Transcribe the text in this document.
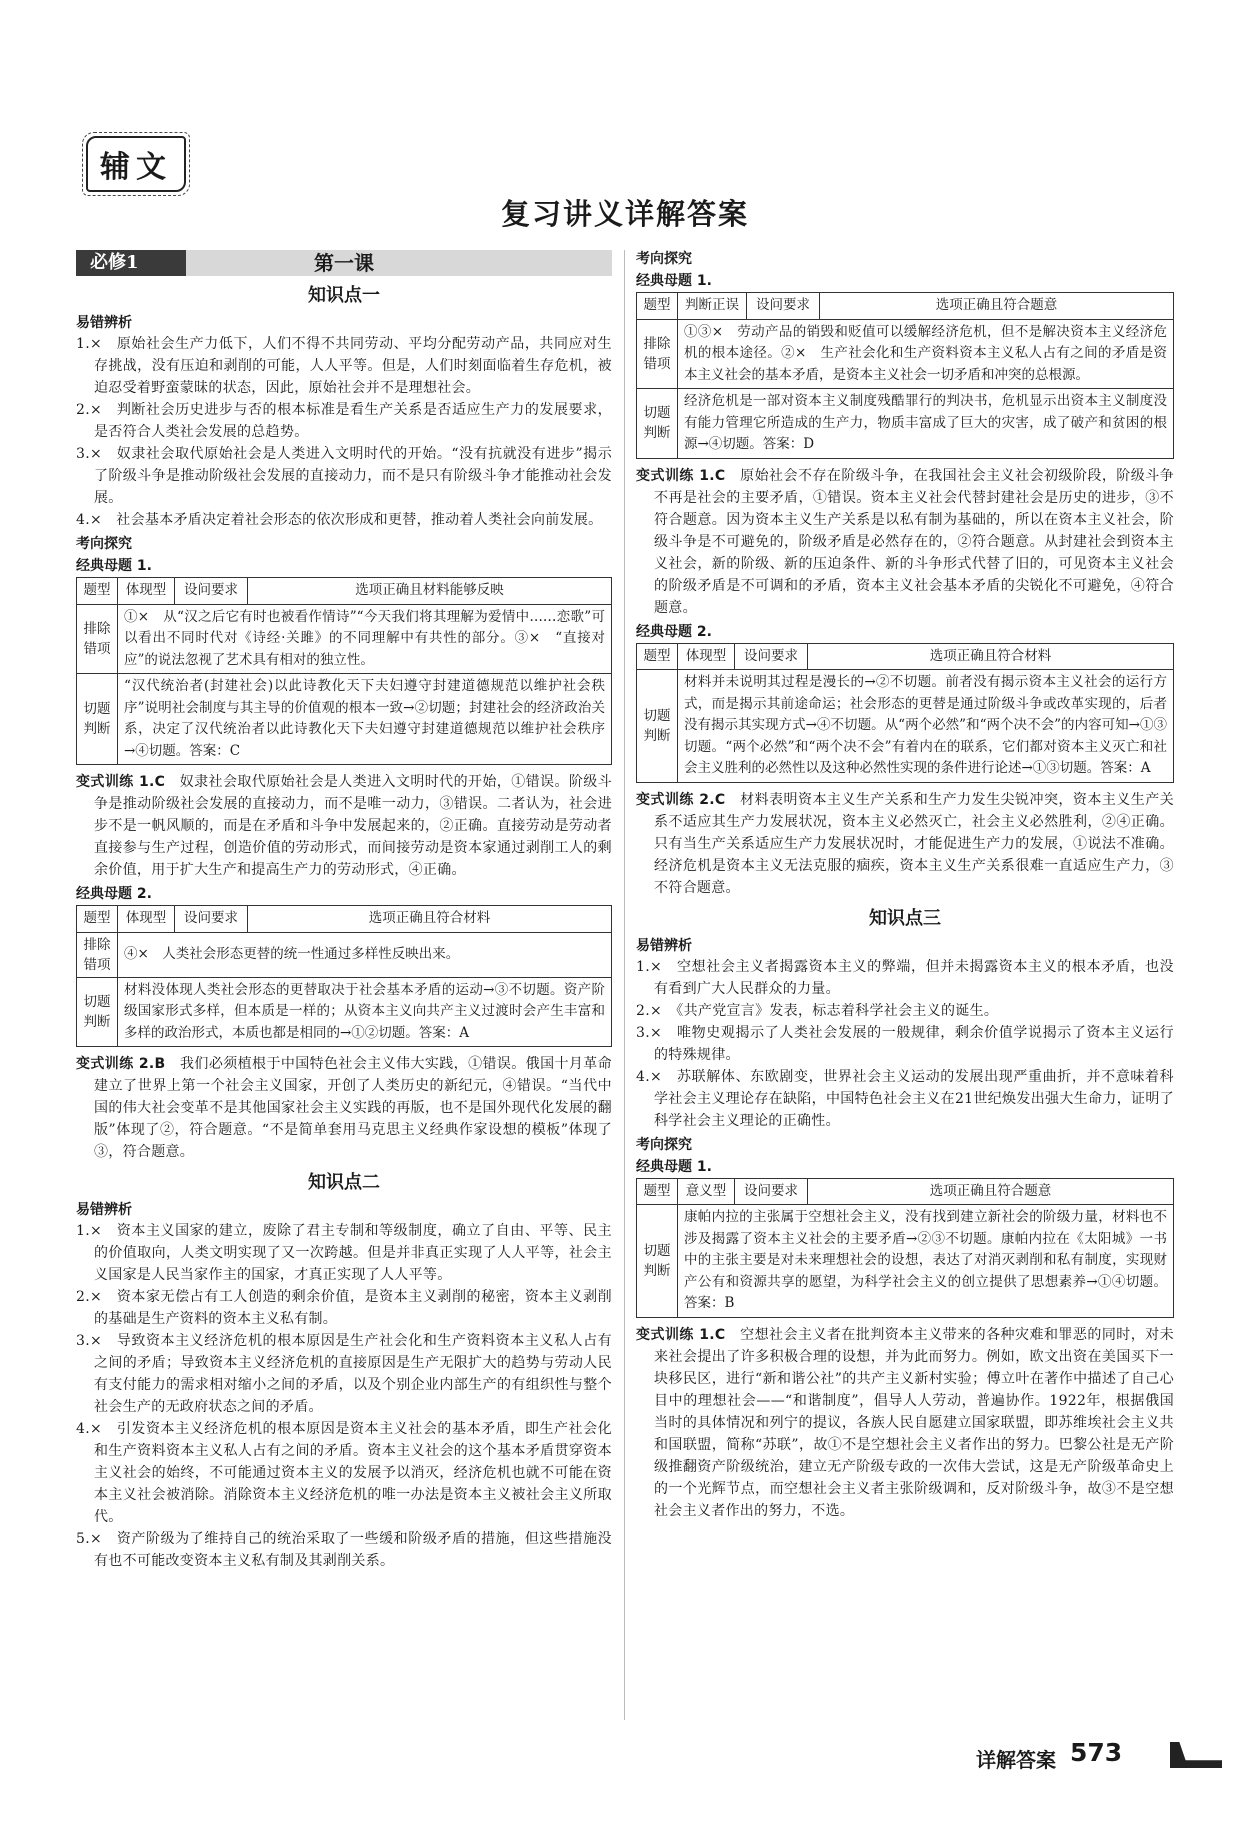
辅文
复习讲义详解答案
第一课
必修1
知识点一
易错辨析
1.×　原始社会生产力低下，人们不得不共同劳动、平均分配劳动产品，共同应对生存挑战，没有压迫和剥削的可能，人人平等。但是，人们时刻面临着生存危机，被迫忍受着野蛮蒙昧的状态，因此，原始社会并不是理想社会。
2.×　判断社会历史进步与否的根本标准是看生产关系是否适应生产力的发展要求，是否符合人类社会发展的总趋势。
3.×　奴隶社会取代原始社会是人类进入文明时代的开始。“没有抗就没有进步”揭示了阶级斗争是推动阶级社会发展的直接动力，而不是只有阶级斗争才能推动社会发展。
4.×　社会基本矛盾决定着社会形态的依次形成和更替，推动着人类社会向前发展。
考向探究
经典母题 1.
题型	体现型	设问要求	选项正确且材料能够反映
排除错项	①×　从“汉之后它有时也被看作情诗”“今天我们将其理解为爱情中……恋歌”可以看出不同时代对《诗经·关雎》的不同理解中有共性的部分。③×　“直接对应”的说法忽视了艺术具有相对的独立性。		
切题判断	“汉代统治者(封建社会)以此诗教化天下夫妇遵守封建道德规范以维护社会秩序”说明社会制度与其主导的价值观的根本一致→②切题；封建社会的经济政治关系，决定了汉代统治者以此诗教化天下夫妇遵守封建道德规范以维护社会秩序→④切题。答案：C		
变式训练 1.C　 奴隶社会取代原始社会是人类进入文明时代的开始，①错误。阶级斗争是推动阶级社会发展的直接动力，而不是唯一动力，③错误。二者认为，社会进步不是一帆风顺的，而是在矛盾和斗争中发展起来的，②正确。直接劳动是劳动者直接参与生产过程，创造价值的劳动形式，而间接劳动是资本家通过剥削工人的剩余价值，用于扩大生产和提高生产力的劳动形式，④正确。
经典母题 2.
题型	体现型	设问要求	选项正确且符合材料
排除错项	④×　人类社会形态更替的统一性通过多样性反映出来。		
切题判断	材料没体现人类社会形态的更替取决于社会基本矛盾的运动→③不切题。资产阶级国家形式多样，但本质是一样的；从资本主义向共产主义过渡时会产生丰富和多样的政治形式，本质也都是相同的→①②切题。答案：A		
变式训练 2.B　 我们必须植根于中国特色社会主义伟大实践，①错误。俄国十月革命建立了世界上第一个社会主义国家，开创了人类历史的新纪元，④错误。“当代中国的伟大社会变革不是其他国家社会主义实践的再版，也不是国外现代化发展的翻版”体现了②，符合题意。“不是简单套用马克思主义经典作家设想的模板”体现了③，符合题意。
知识点二
易错辨析
1.×　资本主义国家的建立，废除了君主专制和等级制度，确立了自由、平等、民主的价值取向，人类文明实现了又一次跨越。但是并非真正实现了人人平等，社会主义国家是人民当家作主的国家，才真正实现了人人平等。
2.×　资本家无偿占有工人创造的剩余价值，是资本主义剥削的秘密，资本主义剥削的基础是生产资料的资本主义私有制。
3.×　导致资本主义经济危机的根本原因是生产社会化和生产资料资本主义私人占有之间的矛盾；导致资本主义经济危机的直接原因是生产无限扩大的趋势与劳动人民有支付能力的需求相对缩小之间的矛盾，以及个别企业内部生产的有组织性与整个社会生产的无政府状态之间的矛盾。
4.×　引发资本主义经济危机的根本原因是资本主义社会的基本矛盾，即生产社会化和生产资料资本主义私人占有之间的矛盾。资本主义社会的这个基本矛盾贯穿资本主义社会的始终，不可能通过资本主义的发展予以消灭，经济危机也就不可能在资本主义社会被消除。消除资本主义经济危机的唯一办法是资本主义被社会主义所取代。
5.×　资产阶级为了维持自己的统治采取了一些缓和阶级矛盾的措施，但这些措施没有也不可能改变资本主义私有制及其剥削关系。
考向探究
经典母题 1.
题型	判断正误	设问要求	选项正确且符合题意
排除错项	①③×　劳动产品的销毁和贬值可以缓解经济危机，但不是解决资本主义经济危机的根本途径。②×　生产社会化和生产资料资本主义私人占有之间的矛盾是资本主义社会的基本矛盾，是资本主义社会一切矛盾和冲突的总根源。		
切题判断	经济危机是一部对资本主义制度残酷罪行的判决书，危机显示出资本主义制度没有能力管理它所造成的生产力，物质丰富成了巨大的灾害，成了破产和贫困的根源→④切题。答案：D		
变式训练 1.C　 原始社会不存在阶级斗争，在我国社会主义社会初级阶段，阶级斗争不再是社会的主要矛盾，①错误。资本主义社会代替封建社会是历史的进步，③不符合题意。因为资本主义生产关系是以私有制为基础的，所以在资本主义社会，阶级斗争是不可避免的，阶级矛盾是必然存在的，②符合题意。从封建社会到资本主义社会，新的阶级、新的压迫条件、新的斗争形式代替了旧的，可见资本主义社会的阶级矛盾是不可调和的矛盾，资本主义社会基本矛盾的尖锐化不可避免，④符合题意。
经典母题 2.
题型	体现型	设问要求	选项正确且符合材料
切题判断	材料并未说明其过程是漫长的→②不切题。前者没有揭示资本主义社会的运行方式，而是揭示其前途命运；社会形态的更替是通过阶级斗争或改革实现的，后者没有揭示其实现方式→④不切题。从“两个必然”和“两个决不会”的内容可知→①③切题。“两个必然”和“两个决不会”有着内在的联系，它们都对资本主义灭亡和社会主义胜利的必然性以及这种必然性实现的条件进行论述→①③切题。答案：A		
变式训练 2.C　 材料表明资本主义生产关系和生产力发生尖锐冲突，资本主义生产关系不适应其生产力发展状况，资本主义必然灭亡，社会主义必然胜利，②④正确。只有当生产关系适应生产力发展状况时，才能促进生产力的发展，①说法不准确。经济危机是资本主义无法克服的痼疾，资本主义生产关系很难一直适应生产力，③不符合题意。
知识点三
易错辨析
1.×　空想社会主义者揭露资本主义的弊端，但并未揭露资本主义的根本矛盾，也没有看到广大人民群众的力量。
2.×　《共产党宣言》发表，标志着科学社会主义的诞生。
3.×　唯物史观揭示了人类社会发展的一般规律，剩余价值学说揭示了资本主义运行的特殊规律。
4.×　苏联解体、东欧剧变，世界社会主义运动的发展出现严重曲折，并不意味着科学社会主义理论存在缺陷，中国特色社会主义在21世纪焕发出强大生命力，证明了科学社会主义理论的正确性。
考向探究
经典母题 1.
题型	意义型	设问要求	选项正确且符合题意
切题判断	康帕内拉的主张属于空想社会主义，没有找到建立新社会的阶级力量，材料也不涉及揭露了资本主义社会的主要矛盾→②③不切题。康帕内拉在《太阳城》一书中的主张主要是对未来理想社会的设想，表达了对消灭剥削和私有制度，实现财产公有和资源共享的愿望，为科学社会主义的创立提供了思想素养→①④切题。答案：B		
变式训练 1.C　 空想社会主义者在批判资本主义带来的各种灾难和罪恶的同时，对未来社会提出了许多积极合理的设想，并为此而努力。例如，欧文出资在美国买下一块移民区，进行“新和谐公社”的共产主义新村实验；傅立叶在著作中描述了自己心目中的理想社会——“和谐制度”，倡导人人劳动，普遍协作。1922年，根据俄国当时的具体情况和列宁的提议，各族人民自愿建立国家联盟，即苏维埃社会主义共和国联盟，简称“苏联”，故①不是空想社会主义者作出的努力。巴黎公社是无产阶级推翻资产阶级统治，建立无产阶级专政的一次伟大尝试，这是无产阶级革命史上的一个光辉节点，而空想社会主义者主张阶级调和，反对阶级斗争，故③不是空想社会主义者作出的努力，不选。
详解答案 573
